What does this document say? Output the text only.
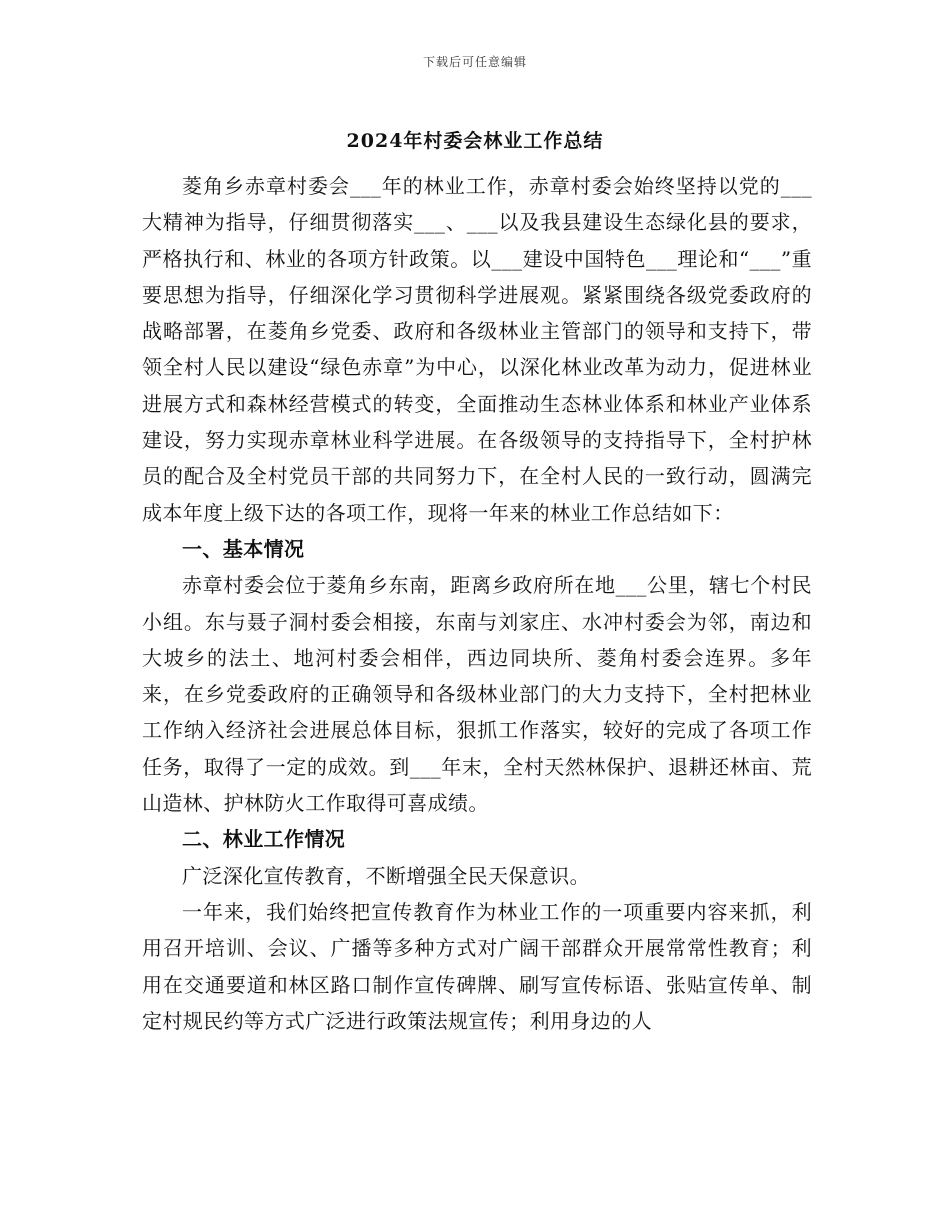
下载后可任意编辑
2024年村委会林业工作总结

菱角乡赤章村委会___年的林业工作，赤章村委会始终坚持以党的___大精神为指导，仔细贯彻落实___、___以及我县建设生态绿化县的要求，严格执行和、林业的各项方针政策。以___建设中国特色___理论和“___”重要思想为指导，仔细深化学习贯彻科学进展观。紧紧围绕各级党委政府的战略部署，在菱角乡党委、政府和各级林业主管部门的领导和支持下，带领全村人民以建设“绿色赤章”为中心，以深化林业改革为动力，促进林业进展方式和森林经营模式的转变，全面推动生态林业体系和林业产业体系建设，努力实现赤章林业科学进展。在各级领导的支持指导下，全村护林员的配合及全村党员干部的共同努力下，在全村人民的一致行动，圆满完成本年度上级下达的各项工作，现将一年来的林业工作总结如下：

一、基本情况

赤章村委会位于菱角乡东南，距离乡政府所在地___公里，辖七个村民小组。东与聂子洞村委会相接，东南与刘家庄、水冲村委会为邻，南边和大坡乡的法土、地河村委会相伴，西边同块所、菱角村委会连界。多年来，在乡党委政府的正确领导和各级林业部门的大力支持下，全村把林业工作纳入经济社会进展总体目标，狠抓工作落实，较好的完成了各项工作任务，取得了一定的成效。到___年末，全村天然林保护、退耕还林亩、荒山造林、护林防火工作取得可喜成绩。

二、林业工作情况

广泛深化宣传教育，不断增强全民天保意识。

一年来，我们始终把宣传教育作为林业工作的一项重要内容来抓，利用召开培训、会议、广播等多种方式对广阔干部群众开展常常性教育；利用在交通要道和林区路口制作宣传碑牌、刷写宣传标语、张贴宣传单、制定村规民约等方式广泛进行政策法规宣传；利用身边的人
